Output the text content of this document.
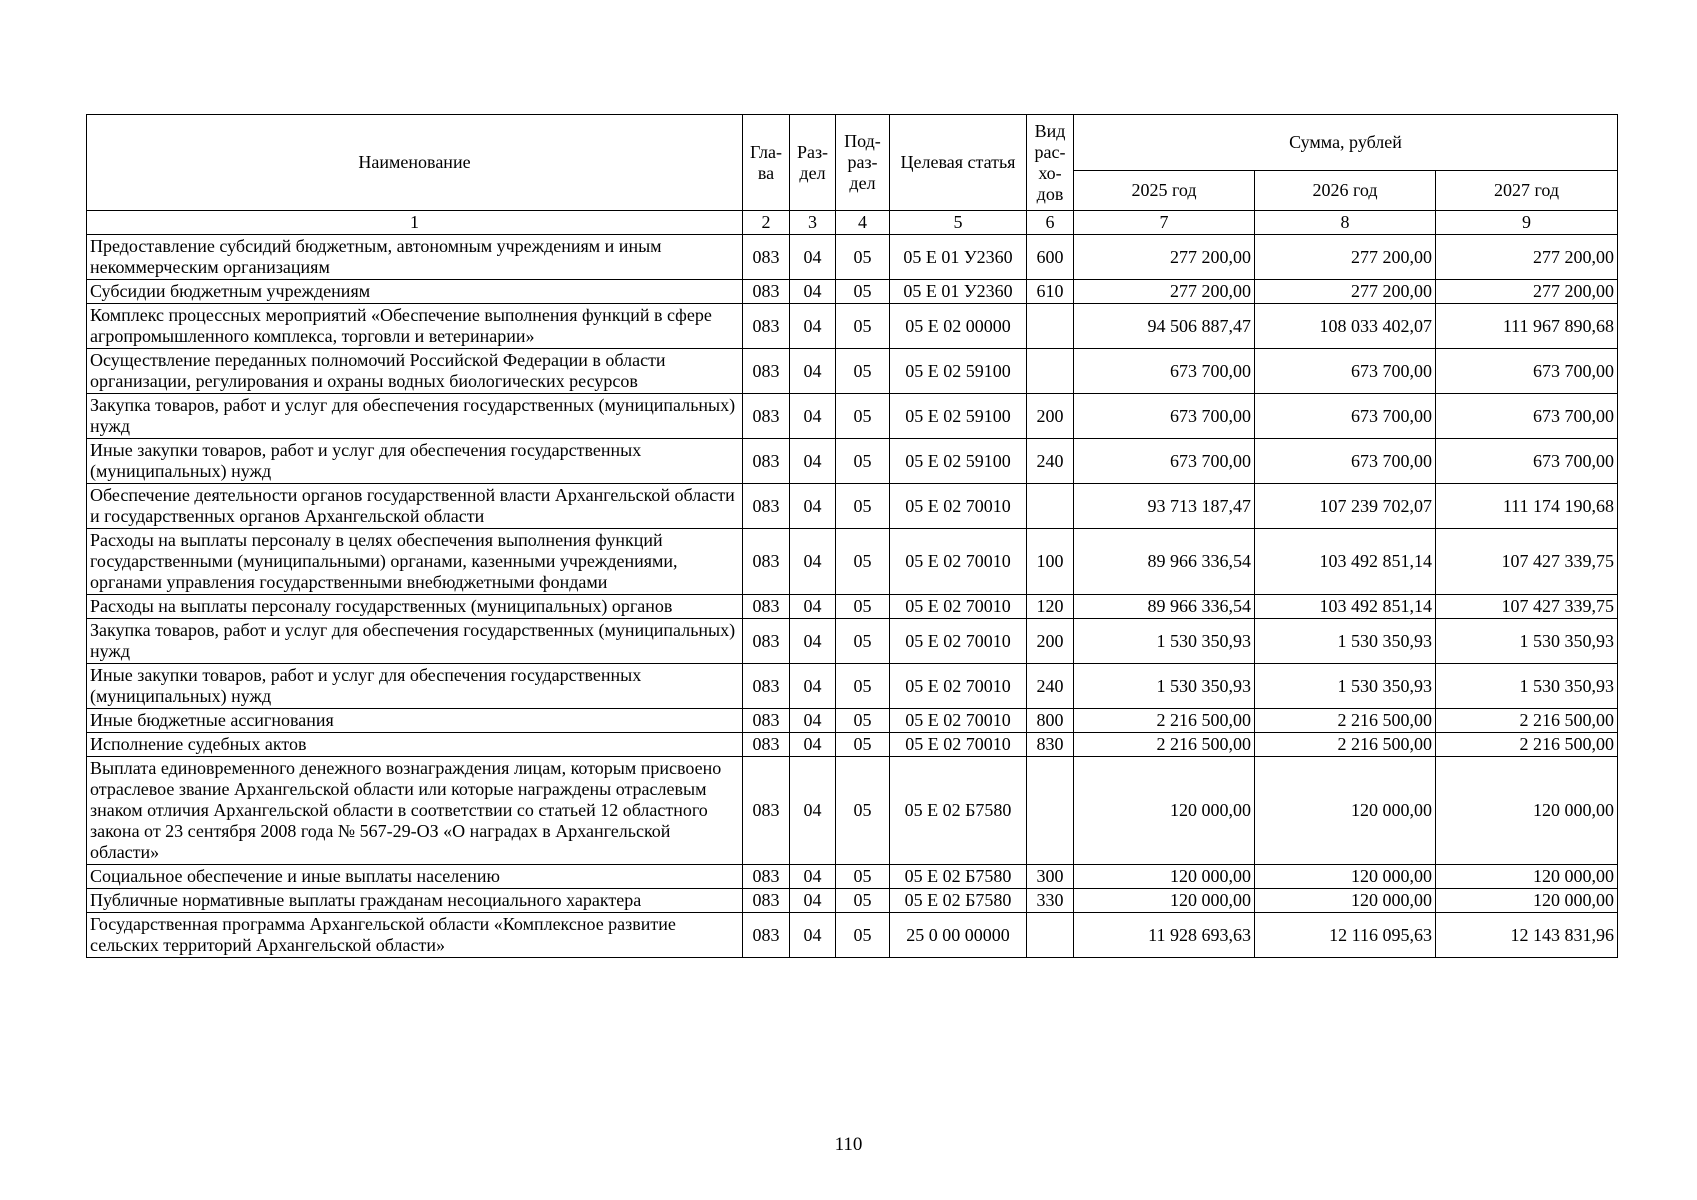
Наименование	Гла-ва	Раз-дел	Под-раз-дел	Целевая статья	Вид рас-хо-дов	Сумма, рублей		
						2025 год	2026 год	2027 год
1	2	3	4	5	6	7	8	9
Предоставление субсидий бюджетным, автономным учреждениям и иным некоммерческим организациям	083	04	05	05 Е 01 У2360	600	277 200,00	277 200,00	277 200,00
Субсидии бюджетным учреждениям	083	04	05	05 Е 01 У2360	610	277 200,00	277 200,00	277 200,00
Комплекс процессных мероприятий «Обеспечение выполнения функций в сфере агропромышленного комплекса, торговли и ветеринарии»	083	04	05	05 Е 02 00000		94 506 887,47	108 033 402,07	111 967 890,68
Осуществление переданных полномочий Российской Федерации в области организации, регулирования и охраны водных биологических ресурсов	083	04	05	05 Е 02 59100		673 700,00	673 700,00	673 700,00
Закупка товаров, работ и услуг для обеспечения государственных (муниципальных) нужд	083	04	05	05 Е 02 59100	200	673 700,00	673 700,00	673 700,00
Иные закупки товаров, работ и услуг для обеспечения государственных (муниципальных) нужд	083	04	05	05 Е 02 59100	240	673 700,00	673 700,00	673 700,00
Обеспечение деятельности органов государственной власти Архангельской области и государственных органов Архангельской области	083	04	05	05 Е 02 70010		93 713 187,47	107 239 702,07	111 174 190,68
Расходы на выплаты персоналу в целях обеспечения выполнения функций государственными (муниципальными) органами, казенными учреждениями, органами управления государственными внебюджетными фондами	083	04	05	05 Е 02 70010	100	89 966 336,54	103 492 851,14	107 427 339,75
Расходы на выплаты персоналу государственных (муниципальных) органов	083	04	05	05 Е 02 70010	120	89 966 336,54	103 492 851,14	107 427 339,75
Закупка товаров, работ и услуг для обеспечения государственных (муниципальных) нужд	083	04	05	05 Е 02 70010	200	1 530 350,93	1 530 350,93	1 530 350,93
Иные закупки товаров, работ и услуг для обеспечения государственных (муниципальных) нужд	083	04	05	05 Е 02 70010	240	1 530 350,93	1 530 350,93	1 530 350,93
Иные бюджетные ассигнования	083	04	05	05 Е 02 70010	800	2 216 500,00	2 216 500,00	2 216 500,00
Исполнение судебных актов	083	04	05	05 Е 02 70010	830	2 216 500,00	2 216 500,00	2 216 500,00
Выплата единовременного денежного вознаграждения лицам, которым присвоено отраслевое звание Архангельской области или которые награждены отраслевым знаком отличия Архангельской области в соответствии со статьей 12 областного закона от 23 сентября 2008 года № 567-29-ОЗ «О наградах в Архангельской области»	083	04	05	05 Е 02 Б7580		120 000,00	120 000,00	120 000,00
Социальное обеспечение и иные выплаты населению	083	04	05	05 Е 02 Б7580	300	120 000,00	120 000,00	120 000,00
Публичные нормативные выплаты гражданам несоциального характера	083	04	05	05 Е 02 Б7580	330	120 000,00	120 000,00	120 000,00
Государственная программа Архангельской области «Комплексное развитие сельских территорий Архангельской области»	083	04	05	25 0 00 00000		11 928 693,63	12 116 095,63	12 143 831,96
110
